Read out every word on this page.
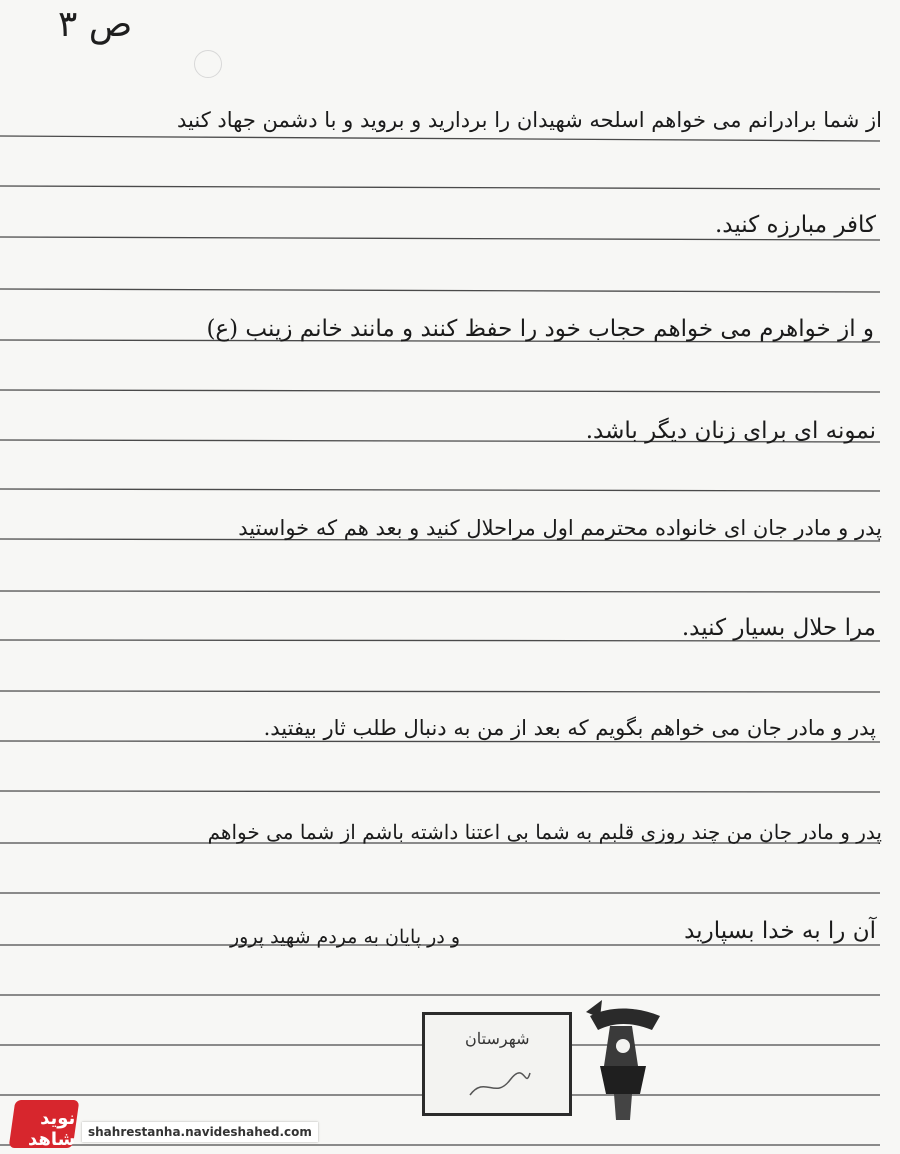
ص ۳
از شما برادرانم می خواهم اسلحه شهیدان را بردارید و بروید و با دشمن جهاد کنید
کافر مبارزه کنید.
و از خواهرم می خواهم حجاب خود را حفظ کنند و مانند خانم زینب (ع)
نمونه ای برای زنان دیگر باشد.
پدر و مادر جان ای خانواده محترمم اول مراحلال کنید و بعد هم که خواستید
مرا حلال بسیار کنید.
پدر و مادر جان می خواهم بگویم که بعد از من به دنبال طلب ثار بیفتید.
پدر و مادر جان من چند روزی قلبم به شما بی اعتنا داشته باشم از شما می خواهم
آن را به خدا بسپارید
و در پایان به مردم شهید پرور
شهرستان
نوید شاهد	shahrestanha.navideshahed.com
